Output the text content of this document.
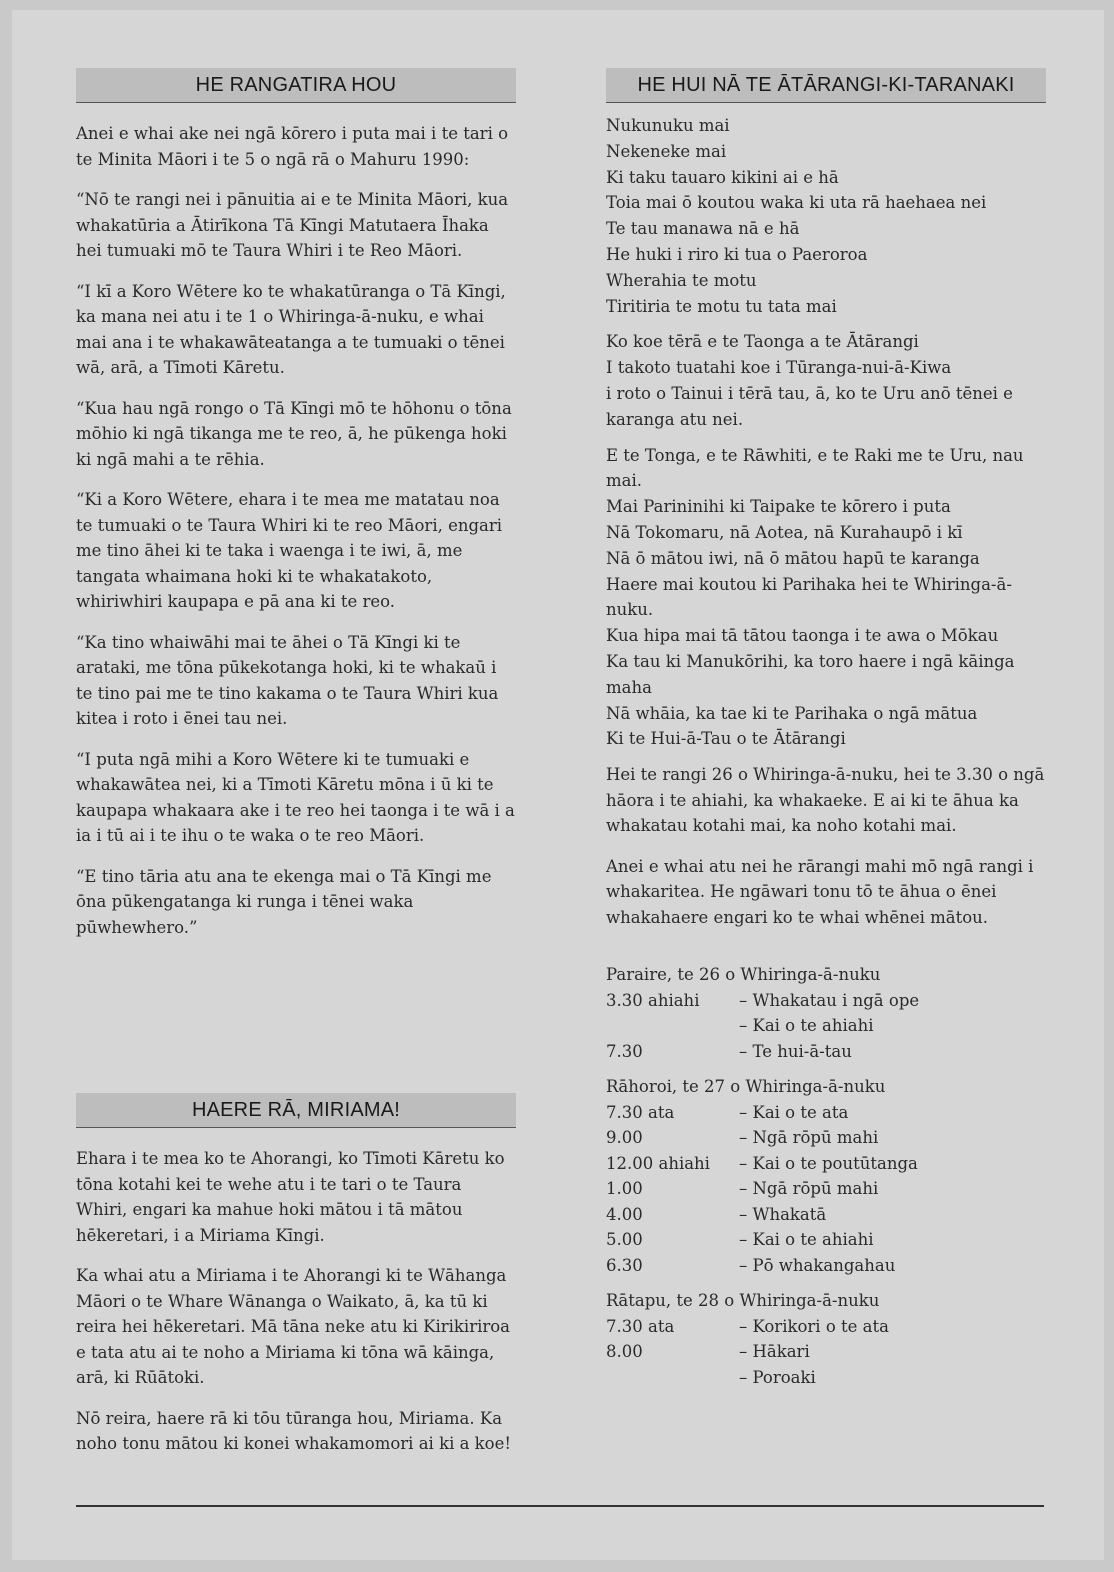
HE RANGATIRA HOU

Anei e whai ake nei ngā kōrero i puta mai i te tari o te Minita Māori i te 5 o ngā rā o Mahuru 1990:

“Nō te rangi nei i pānuitia ai e te Minita Māori, kua whakatūria a Ātirīkona Tā Kīngi Matutaera Īhaka hei tumuaki mō te Taura Whiri i te Reo Māori.

“I kī a Koro Wētere ko te whakatūranga o Tā Kīngi, ka mana nei atu i te 1 o Whiringa-ā-nuku, e whai mai ana i te whakawāteatanga a te tumuaki o tēnei wā, arā, a Tīmoti Kāretu.

“Kua hau ngā rongo o Tā Kīngi mō te hōhonu o tōna mōhio ki ngā tikanga me te reo, ā, he pūkenga hoki ki ngā mahi a te rēhia.

“Ki a Koro Wētere, ehara i te mea me matatau noa te tumuaki o te Taura Whiri ki te reo Māori, engari me tino āhei ki te taka i waenga i te iwi, ā, me tangata whaimana hoki ki te whakatakoto, whiriwhiri kaupapa e pā ana ki te reo.

“Ka tino whaiwāhi mai te āhei o Tā Kīngi ki te arataki, me tōna pūkekotanga hoki, ki te whakaū i te tino pai me te tino kakama o te Taura Whiri kua kitea i roto i ēnei tau nei.

“I puta ngā mihi a Koro Wētere ki te tumuaki e whakawātea nei, ki a Tīmoti Kāretu mōna i ū ki te kaupapa whakaara ake i te reo hei taonga i te wā i a ia i tū ai i te ihu o te waka o te reo Māori.

“E tino tāria atu ana te ekenga mai o Tā Kīngi me ōna pūkengatanga ki runga i tēnei waka pūwhewhero.”

HAERE RĀ, MIRIAMA!

Ehara i te mea ko te Ahorangi, ko Tīmoti Kāretu ko tōna kotahi kei te wehe atu i te tari o te Taura Whiri, engari ka mahue hoki mātou i tā mātou hēkeretari, i a Miriama Kīngi.

Ka whai atu a Miriama i te Ahorangi ki te Wāhanga Māori o te Whare Wānanga o Waikato, ā, ka tū ki reira hei hēkeretari. Mā tāna neke atu ki Kirikiriroa e tata atu ai te noho a Miriama ki tōna wā kāinga, arā, ki Rūātoki.

Nō reira, haere rā ki tōu tūranga hou, Miriama. Ka noho tonu mātou ki konei whakamomori ai ki a koe!

HE HUI NĀ TE ĀTĀRANGI-KI-TARANAKI
Nukunuku mai
Nekeneke mai
Ki taku tauaro kikini ai e hā
Toia mai ō koutou waka ki uta rā haehaea nei
Te tau manawa nā e hā
He huki i riro ki tua o Paeroroa
Wherahia te motu
Tiritiria te motu tu tata mai
Ko koe tērā e te Taonga a te Ātārangi
I takoto tuatahi koe i Tūranga-nui-ā-Kiwa
i roto o Tainui i tērā tau, ā, ko te Uru anō tēnei e karanga atu nei.
E te Tonga, e te Rāwhiti, e te Raki me te Uru, nau mai.
Mai Parininihi ki Taipake te kōrero i puta
Nā Tokomaru, nā Aotea, nā Kurahaupō i kī
Nā ō mātou iwi, nā ō mātou hapū te karanga
Haere mai koutou ki Parihaka hei te Whiringa-ā-nuku.
Kua hipa mai tā tātou taonga i te awa o Mōkau
Ka tau ki Manukōrihi, ka toro haere i ngā kāinga maha
Nā whāia, ka tae ki te Parihaka o ngā mātua
Ki te Hui-ā-Tau o te Ātārangi

Hei te rangi 26 o Whiringa-ā-nuku, hei te 3.30 o ngā hāora i te ahiahi, ka whakaeke. E ai ki te āhua ka whakatau kotahi mai, ka noho kotahi mai.

Anei e whai atu nei he rārangi mahi mō ngā rangi i whakaritea. He ngāwari tonu tō te āhua o ēnei whakahaere engari ko te whai whēnei mātou.

Paraire, te 26 o Whiringa-ā-nuku
3.30 ahiahi	– Whakatau i ngā ope
– Kai o te ahiahi
7.30	– Te hui-ā-tau
Rāhoroi, te 27 o Whiringa-ā-nuku
7.30 ata	– Kai o te ata
9.00	– Ngā rōpū mahi
12.00 ahiahi	– Kai o te poutūtanga
1.00	– Ngā rōpū mahi
4.00	– Whakatā
5.00	– Kai o te ahiahi
6.30	– Pō whakangahau
Rātapu, te 28 o Whiringa-ā-nuku
7.30 ata	– Korikori o te ata
8.00	– Hākari
– Poroaki
